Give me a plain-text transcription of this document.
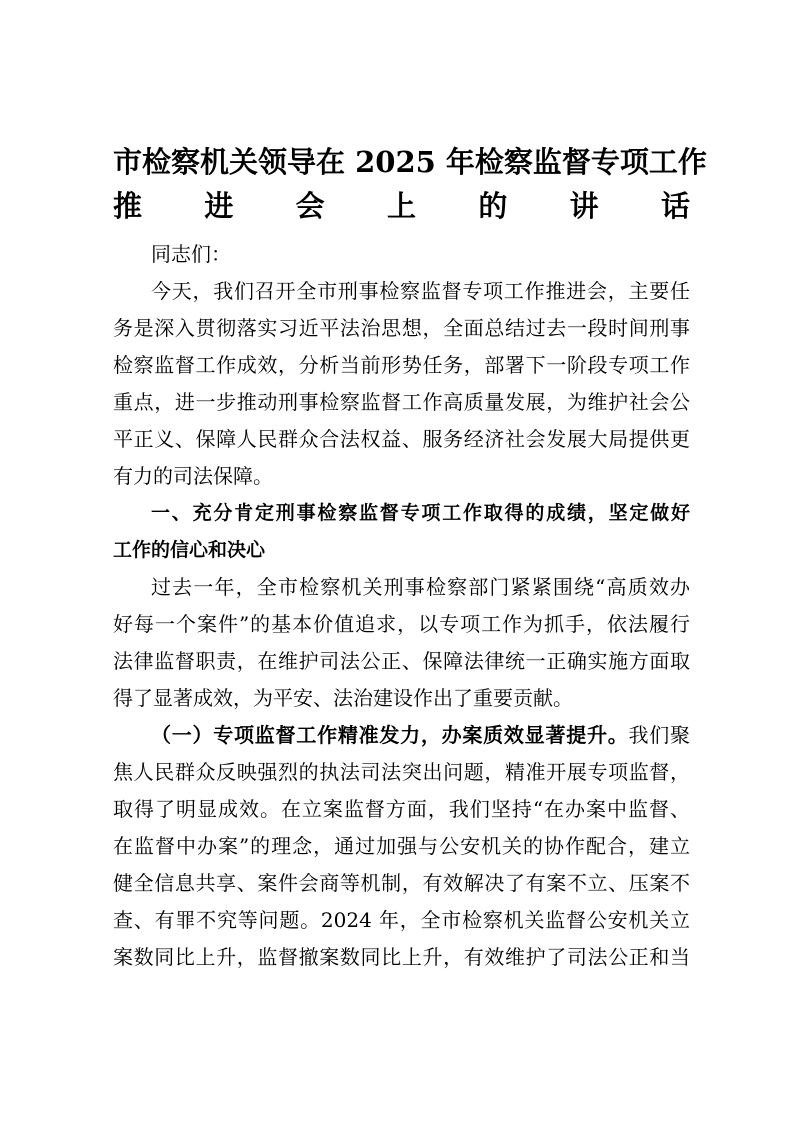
市检察机关领导在 2025 年检察监督专项工作
推进会上的讲话

同志们：

今天，我们召开全市刑事检察监督专项工作推进会，主要任
务是深入贯彻落实习近平法治思想，全面总结过去一段时间刑事
检察监督工作成效，分析当前形势任务，部署下一阶段专项工作
重点，进一步推动刑事检察监督工作高质量发展，为维护社会公
平正义、保障人民群众合法权益、服务经济社会发展大局提供更
有力的司法保障。

一、充分肯定刑事检察监督专项工作取得的成绩，坚定做好
工作的信心和决心

过去一年，全市检察机关刑事检察部门紧紧围绕“高质效办
好每一个案件”的基本价值追求，以专项工作为抓手，依法履行
法律监督职责，在维护司法公正、保障法律统一正确实施方面取
得了显著成效，为平安、法治建设作出了重要贡献。

（一）专项监督工作精准发力，办案质效显著提升。我们聚
焦人民群众反映强烈的执法司法突出问题，精准开展专项监督，
取得了明显成效。在立案监督方面，我们坚持“在办案中监督、
在监督中办案”的理念，通过加强与公安机关的协作配合，建立
健全信息共享、案件会商等机制，有效解决了有案不立、压案不
查、有罪不究等问题。2024 年，全市检察机关监督公安机关立
案数同比上升，监督撤案数同比上升，有效维护了司法公正和当
